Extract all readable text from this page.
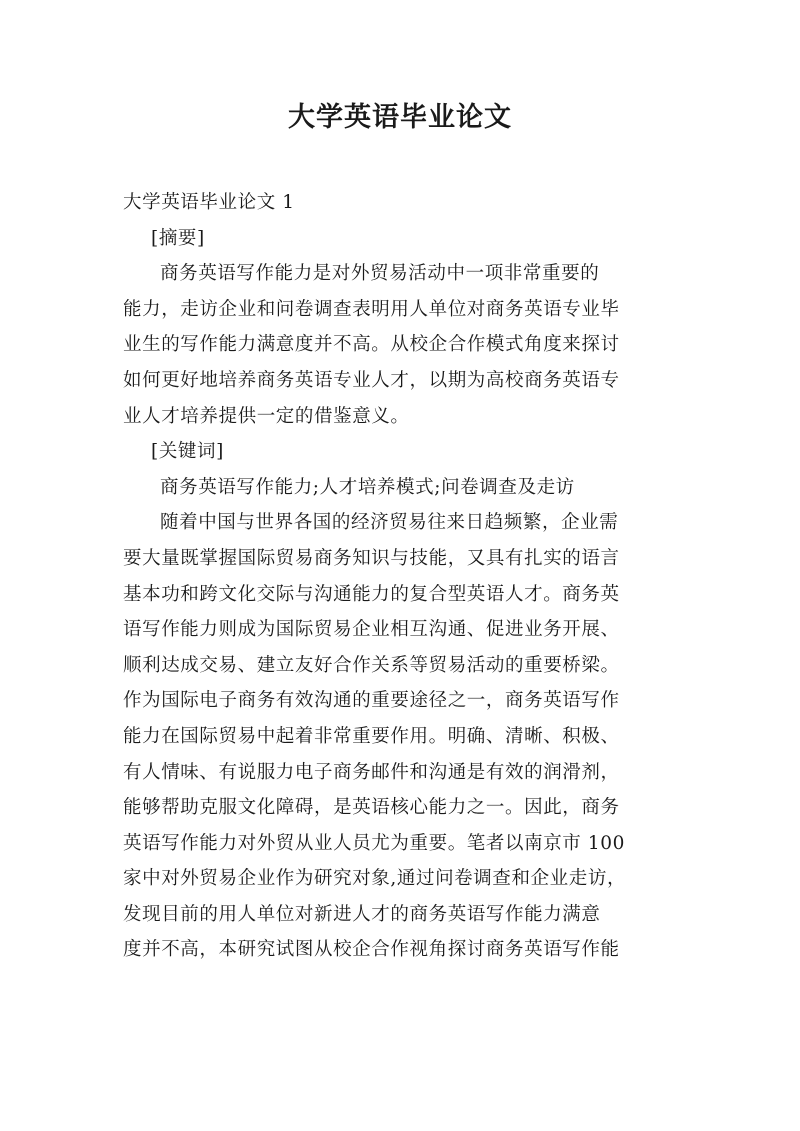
大学英语毕业论文
大学英语毕业论文 1
[摘要]
商务英语写作能力是对外贸易活动中一项非常重要的
能力，走访企业和问卷调查表明用人单位对商务英语专业毕
业生的写作能力满意度并不高。从校企合作模式角度来探讨
如何更好地培养商务英语专业人才，以期为高校商务英语专
业人才培养提供一定的借鉴意义。
[关键词]
商务英语写作能力;人才培养模式;问卷调查及走访
随着中国与世界各国的经济贸易往来日趋频繁，企业需
要大量既掌握国际贸易商务知识与技能，又具有扎实的语言
基本功和跨文化交际与沟通能力的复合型英语人才。商务英
语写作能力则成为国际贸易企业相互沟通、促进业务开展、
顺利达成交易、建立友好合作关系等贸易活动的重要桥梁。
作为国际电子商务有效沟通的重要途径之一，商务英语写作
能力在国际贸易中起着非常重要作用。明确、清晰、积极、
有人情味、有说服力电子商务邮件和沟通是有效的润滑剂，
能够帮助克服文化障碍，是英语核心能力之一。因此，商务
英语写作能力对外贸从业人员尤为重要。笔者以南京市 100
家中对外贸易企业作为研究对象,通过问卷调查和企业走访，
发现目前的用人单位对新进人才的商务英语写作能力满意
度并不高，本研究试图从校企合作视角探讨商务英语写作能
